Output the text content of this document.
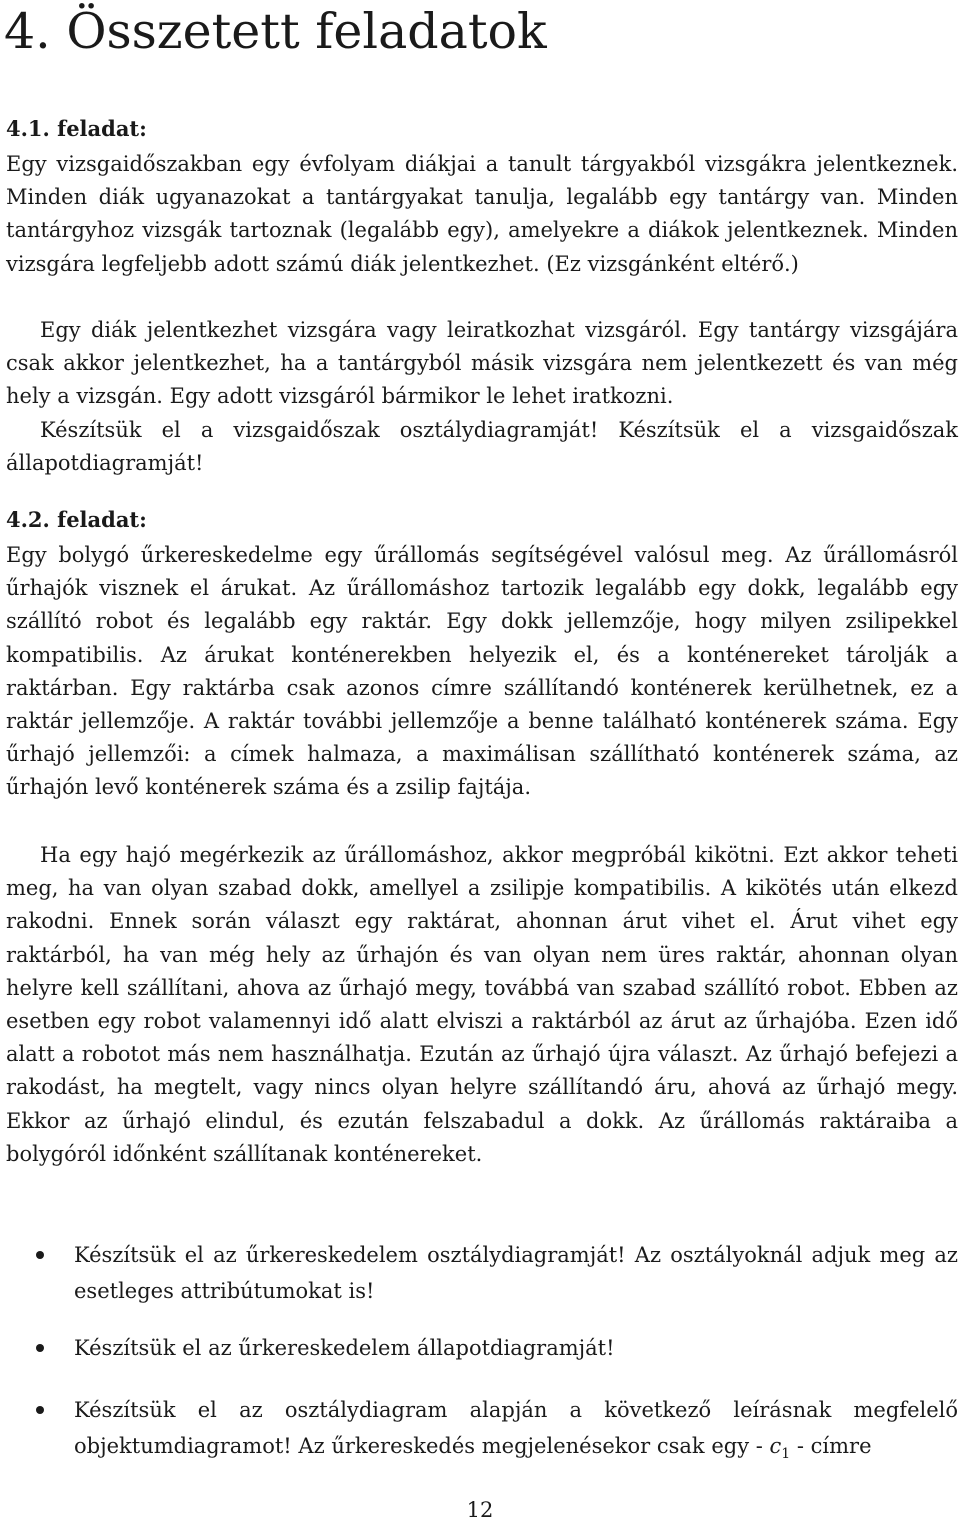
4. Összetett feladatok
4.1. feladat:

Egy vizsgaidőszakban egy évfolyam diákjai a tanult tárgyakból vizsgákra jelentkeznek. Minden diák ugyanazokat a tantárgyakat tanulja, legalább egy tantárgy van. Minden tantárgyhoz vizsgák tartoznak (legalább egy), amelyekre a diákok jelentkeznek. Minden vizsgára legfeljebb adott számú diák jelentkezhet. (Ez vizsgánként eltérő.)

Egy diák jelentkezhet vizsgára vagy leiratkozhat vizsgáról. Egy tantárgy vizsgájára csak akkor jelentkezhet, ha a tantárgyból másik vizsgára nem jelentkezett és van még hely a vizsgán. Egy adott vizsgáról bármikor le lehet iratkozni.

Készítsük el a vizsgaidőszak osztálydiagramját! Készítsük el a vizsgaidőszak állapotdiagramját!

4.2. feladat:

Egy bolygó űrkereskedelme egy űrállomás segítségével valósul meg. Az űrállomásról űrhajók visznek el árukat. Az űrállomáshoz tartozik legalább egy dokk, legalább egy szállító robot és legalább egy raktár. Egy dokk jellemzője, hogy milyen zsilipekkel kompatibilis. Az árukat konténerekben helyezik el, és a konténereket tárolják a raktárban. Egy raktárba csak azonos címre szállítandó konténerek kerülhetnek, ez a raktár jellemzője. A raktár további jellemzője a benne található konténerek száma. Egy űrhajó jellemzői: a címek halmaza, a maximálisan szállítható konténerek száma, az űrhajón levő konténerek száma és a zsilip fajtája.

Ha egy hajó megérkezik az űrállomáshoz, akkor megpróbál kikötni. Ezt akkor teheti meg, ha van olyan szabad dokk, amellyel a zsilipje kompatibilis. A kikötés után elkezd rakodni. Ennek során választ egy raktárat, ahonnan árut vihet el. Árut vihet egy raktárból, ha van még hely az űrhajón és van olyan nem üres raktár, ahonnan olyan helyre kell szállítani, ahova az űrhajó megy, továbbá van szabad szállító robot. Ebben az esetben egy robot valamennyi idő alatt elviszi a raktárból az árut az űrhajóba. Ezen idő alatt a robotot más nem használhatja. Ezután az űrhajó újra választ. Az űrhajó befejezi a rakodást, ha megtelt, vagy nincs olyan helyre szállítandó áru, ahová az űrhajó megy. Ekkor az űrhajó elindul, és ezután felszabadul a dokk. Az űrállomás raktáraiba a bolygóról időnként szállítanak konténereket.

Készítsük el az űrkereskedelem osztálydiagramját! Az osztályoknál adjuk meg az esetleges attribútumokat is!

Készítsük el az űrkereskedelem állapotdiagramját!

Készítsük el az osztálydiagram alapján a következő leírásnak megfelelő objektumdiagramot! Az űrkereskedés megjelenésekor csak egy - $c_1$ - címre

12
